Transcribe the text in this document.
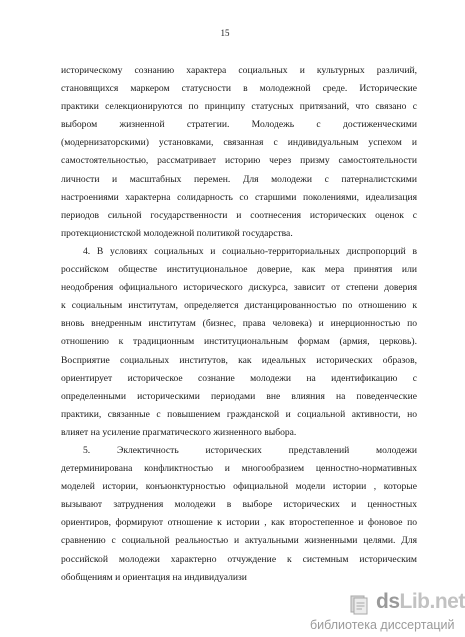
15
историческому сознанию характера социальных и культурных различий,
становящихся маркером статусности в молодежной среде. Исторические
практики селекционируются по принципу статусных притязаний, что связано с
выбором жизненной стратегии. Молодежь с достиженческими
(модернизаторскими) установками, связанная с индивидуальным успехом и
самостоятельностью, рассматривает историю через призму самостоятельности
личности и масштабных перемен. Для молодежи с патерналистскими
настроениями характерна солидарность со старшими поколениями, идеализация
периодов сильной государственности и соотнесения исторических оценок с
протекционистской молодежной политикой государства.
4. В условиях социальных и социально-территориальных диспропорций в
российском обществе институциональное доверие, как мера принятия или
неодобрения официального исторического дискурса, зависит от степени доверия
к социальным институтам, определяется дистанцированностью по отношению к
вновь внедренным институтам (бизнес, права человека) и инерционностью по
отношению к традиционным институциональным формам (армия, церковь).
Восприятие социальных институтов, как идеальных исторических образов,
ориентирует историческое сознание молодежи на идентификацию с
определенными историческими периодами вне влияния на поведенческие
практики, связанные с повышением гражданской и социальной активности, но
влияет на усиление прагматического жизненного выбора.
5. Эклектичность исторических представлений молодежи
детерминирована конфликтностью и многообразием ценностно-нормативных
моделей истории, конъюнктурностью официальной модели истории , которые
вызывают затруднения молодежи в выборе исторических и ценностных
ориентиров, формируют отношение к истории , как второстепенное и фоновое по
сравнению с социальной реальностью и актуальными жизненными целями. Для
российской молодежи характерно отчуждение к системным историческим
обобщениям и ориентация на индивидуализи
dsLib.net
библиотека диссертаций
